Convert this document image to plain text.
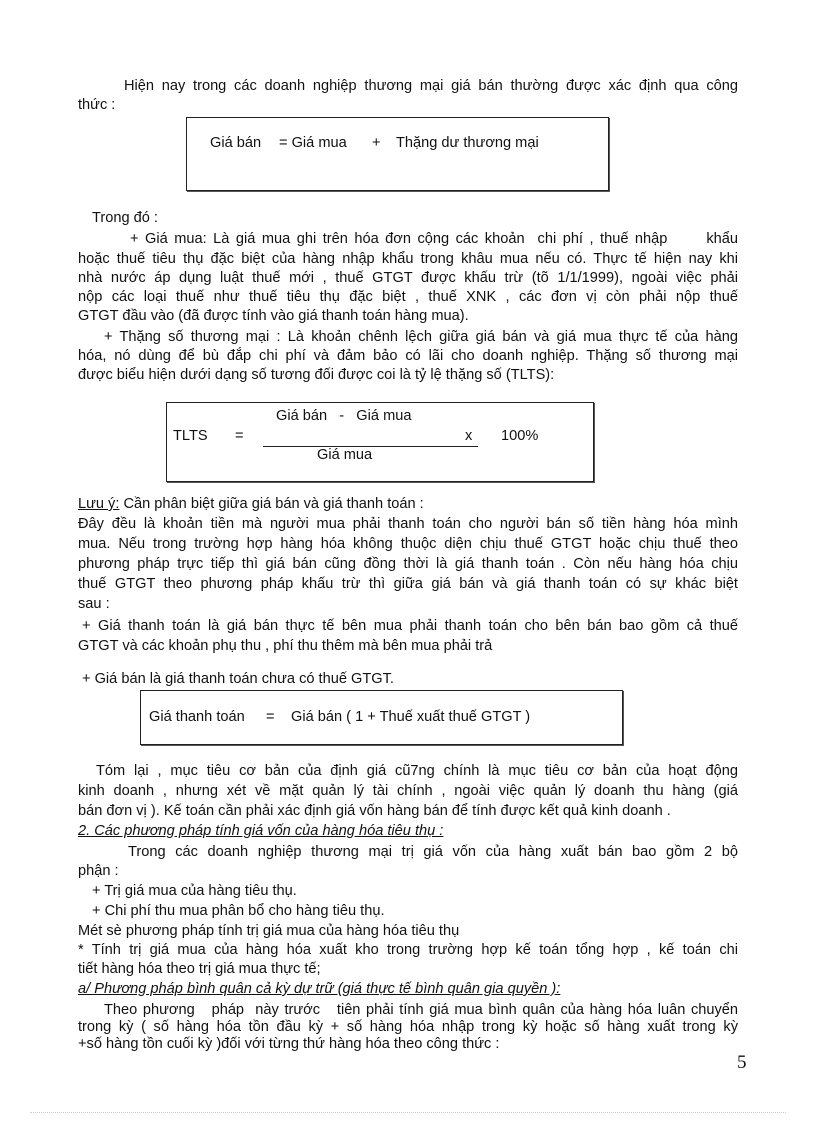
Hiện nay trong các doanh nghiệp thương mại giá bán thường được xác định qua công
thức :
Giá bán = Giá mua + Thặng dư thương mại
Trong đó :
+ Giá mua: Là giá mua ghi trên hóa đơn cộng các khoản  chi phí , thuế nhập      khẩu
hoặc thuế tiêu thụ đặc biệt của hàng nhập khẩu trong khâu mua nếu có. Thực tế hiện nay khi
nhà nước áp dụng luật thuế mới , thuế GTGT được khấu trừ (tõ 1/1/1999), ngoài việc phải
nộp các loại thuế như thuế tiêu thụ đặc biệt , thuế XNK , các đơn vị còn phải nộp thuế
GTGT đầu vào (đã được tính vào giá thanh toán hàng mua).
+ Thặng số thương mại : Là khoản chênh lệch giữa giá bán và giá mua thực tế của hàng
hóa, nó dùng để bù đắp chi phí và đảm bảo có lãi cho doanh nghiệp. Thặng số thương mại
được biểu hiện dưới dạng số tương đối được coi là tỷ lệ thặng số (TLTS):
Giá bán   -   Giá mua
TLTS =	x 100%
Giá mua
Lưu ý: Cần phân biệt giữa giá bán và giá thanh toán :
Đây đều là khoản tiền mà người mua phải thanh toán cho người bán số tiền hàng hóa mình
mua. Nếu trong trường hợp hàng hóa không thuộc diện chịu thuế GTGT hoặc chịu thuế theo
phương pháp trực tiếp thì giá bán cũng đồng thời là giá thanh toán . Còn nếu hàng hóa chịu
thuế GTGT theo phương pháp khấu trừ thì giữa giá bán và giá thanh toán có sự khác biệt
sau :
+ Giá thanh toán là giá bán thực tế bên mua phải thanh toán cho bên bán bao gồm cả thuế
GTGT và các khoản phụ thu , phí thu thêm mà bên mua phải trả
+ Giá bán là giá thanh toán chưa có thuế GTGT.
Giá thanh toán = Giá bán ( 1 + Thuế xuất thuế GTGT )
Tóm lại , mục tiêu cơ bản của định giá cũ7ng chính là mục tiêu cơ bản của hoạt động
kinh doanh , nhưng xét về mặt quản lý tài chính , ngoài việc quản lý doanh thu hàng (giá
bán đơn vị ). Kế toán cần phải xác định giá vốn hàng bán để tính được kết quả kinh doanh .
2. Các phương pháp tính giá vốn của hàng hóa tiêu thụ :
Trong các doanh nghiệp thương mại trị giá vốn của hàng xuất bán bao gồm 2 bộ
phận :
+ Trị giá mua của hàng tiêu thụ.
+ Chi phí thu mua phân bổ cho hàng tiêu thụ.
Mét sè phương pháp tính trị giá mua của hàng hóa tiêu thụ
* Tính trị giá mua của hàng hóa xuất kho trong trường hợp kế toán tổng hợp , kế toán chi
tiết hàng hóa theo trị giá mua thực tế;
a/ Phương pháp bình quân cả kỳ dự trữ (giá thực tế bình quân gia quyền ):
Theo phương   pháp  này trước   tiên phải tính giá mua bình quân của hàng hóa luân chuyển
trong kỳ ( số hàng hóa tồn đầu kỳ + số hàng hóa nhập trong kỳ hoặc số hàng xuất trong kỳ
+số hàng tồn cuối kỳ )đối với từng thứ hàng hóa theo công thức :
5
